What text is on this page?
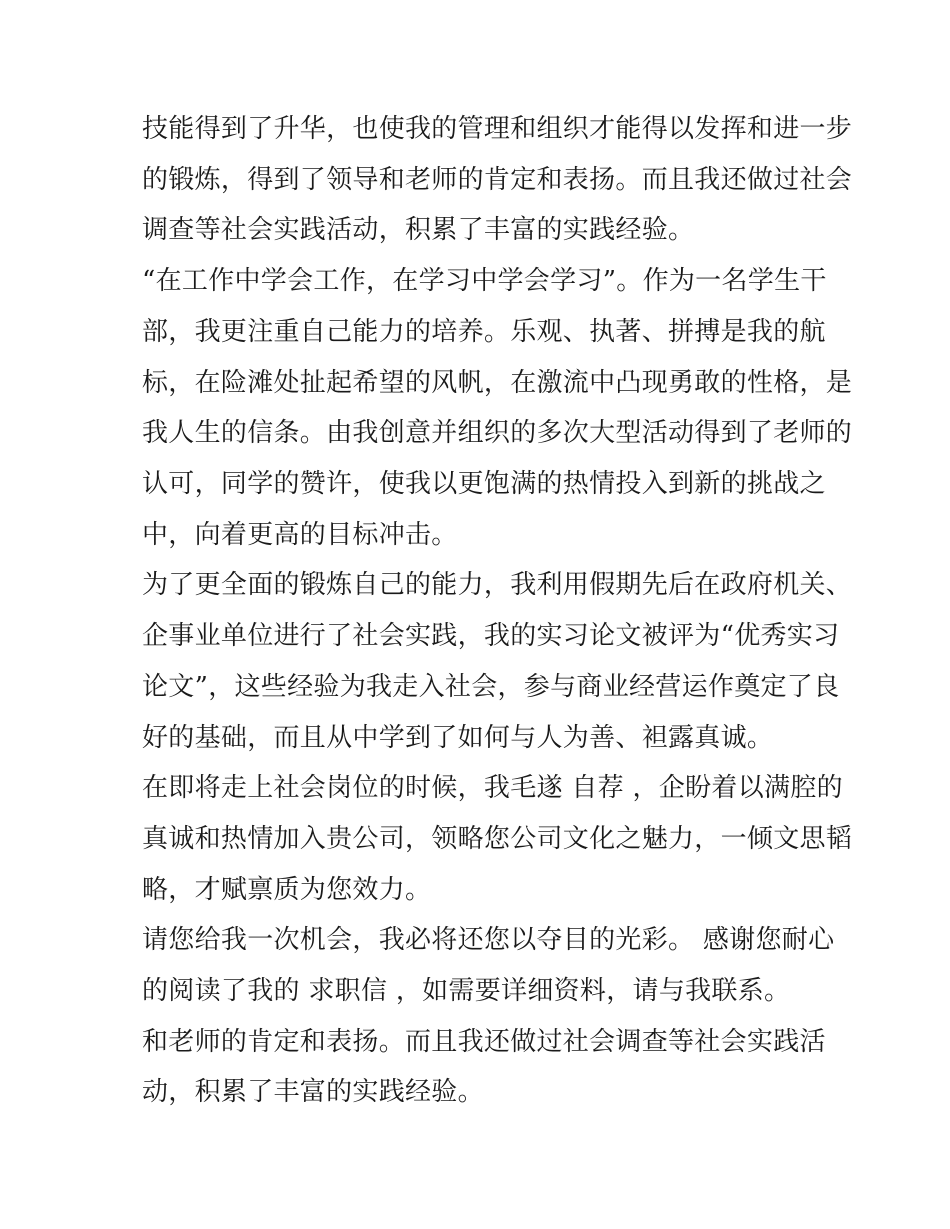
技能得到了升华，也使我的管理和组织才能得以发挥和进一步

的锻炼，得到了领导和老师的肯定和表扬。而且我还做过社会

调查等社会实践活动，积累了丰富的实践经验。

“在工作中学会工作，在学习中学会学习”。作为一名学生干

部，我更注重自己能力的培养。乐观、执著、拼搏是我的航

标，在险滩处扯起希望的风帆，在激流中凸现勇敢的性格，是

我人生的信条。由我创意并组织的多次大型活动得到了老师的

认可，同学的赞许，使我以更饱满的热情投入到新的挑战之

中，向着更高的目标冲击。

为了更全面的锻炼自己的能力，我利用假期先后在政府机关、

企事业单位进行了社会实践，我的实习论文被评为“优秀实习

论文”，这些经验为我走入社会，参与商业经营运作奠定了良

好的基础，而且从中学到了如何与人为善、袒露真诚。

在即将走上社会岗位的时候，我毛遂 自荐 ，企盼着以满腔的

真诚和热情加入贵公司，领略您公司文化之魅力，一倾文思韬

略，才赋禀质为您效力。

请您给我一次机会，我必将还您以夺目的光彩。 感谢您耐心

的阅读了我的 求职信 ，如需要详细资料，请与我联系。

和老师的肯定和表扬。而且我还做过社会调查等社会实践活

动，积累了丰富的实践经验。
